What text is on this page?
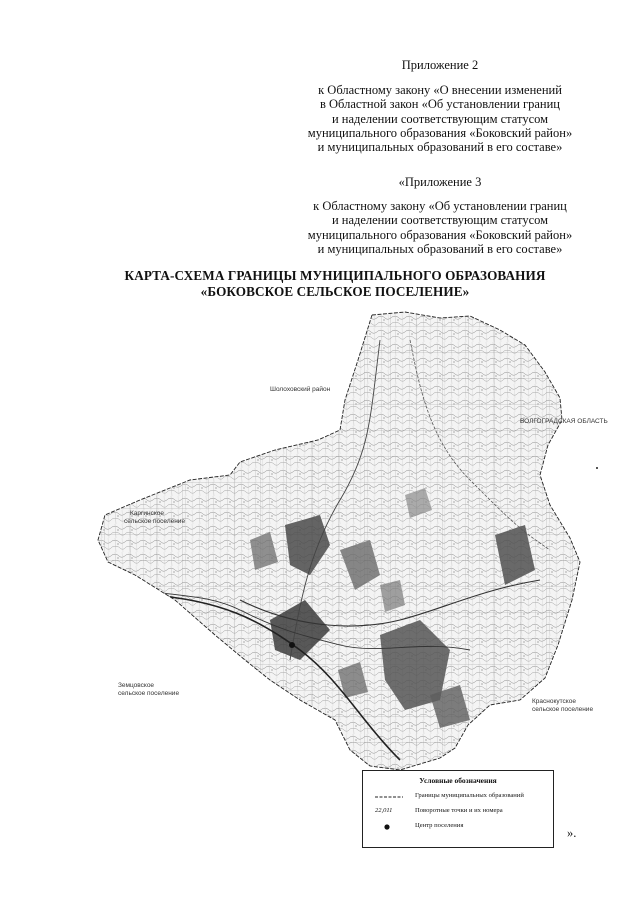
Приложение 2
к Областному закону «О внесении изменений
в Областной закон «Об установлении границ
и наделении соответствующим статусом
муниципального образования «Боковский район»
и муниципальных образований в его составе»
«Приложение 3
к Областному закону «Об установлении границ
и наделении соответствующим статусом
муниципального образования «Боковский район»
и муниципальных образований в его составе»
КАРТА-СХЕМА ГРАНИЦЫ МУНИЦИПАЛЬНОГО ОБРАЗОВАНИЯ
«БОКОВСКОЕ СЕЛЬСКОЕ ПОСЕЛЕНИЕ»
Шолоховский район
ВОЛГОГРАДСКАЯ ОБЛАСТЬ
Каргинское
сельское поселение
Земцовское
сельское поселение
Краснокутское
сельское поселение
Условные обозначения
Границы муниципальных образований
22,011	Поворотные точки и их номера
Центр поселения
».
